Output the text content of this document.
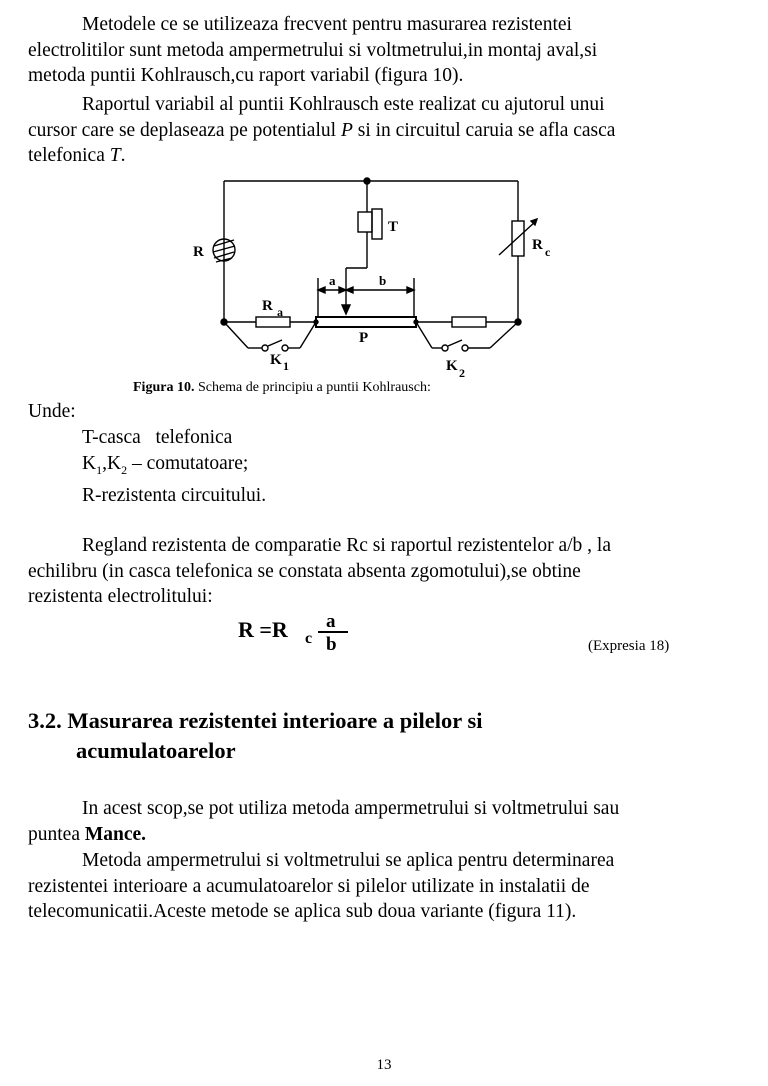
Metodele ce se utilizeaza frecvent pentru masurarea rezistentei
electrolitilor sunt metoda ampermetrului si voltmetrului,in montaj aval,si
metoda puntii Kohlrausch,cu raport variabil (figura 10).
Raportul variabil al puntii Kohlrausch este realizat cu ajutorul unui
cursor care se deplaseaza pe potentialul P si in circuitul caruia se afla casca
telefonica T.
R
T
R c
a	b
R a
P
K 1	K 2
Figura 10. Schema de principiu a puntii Kohlrausch:
Unde:
T-casca   telefonica
$K_1,K_2$ – comutatoare;
R-rezistenta circuitului.
Regland rezistenta de comparatie Rc si raportul rezistentelor a/b , la
echilibru (in casca telefonica se constata absenta zgomotului),se obtine
rezistenta electrolitului:
R =R c
a
b	(Expresia 18)
3.2. Masurarea rezistentei interioare a pilelor si
acumulatoarelor
In acest scop,se pot utiliza metoda ampermetrului si voltmetrului sau
puntea Mance.
Metoda ampermetrului si voltmetrului se aplica pentru determinarea
rezistentei interioare a acumulatoarelor si pilelor utilizate in instalatii de
telecomunicatii.Aceste metode se aplica sub doua variante (figura 11).
13
